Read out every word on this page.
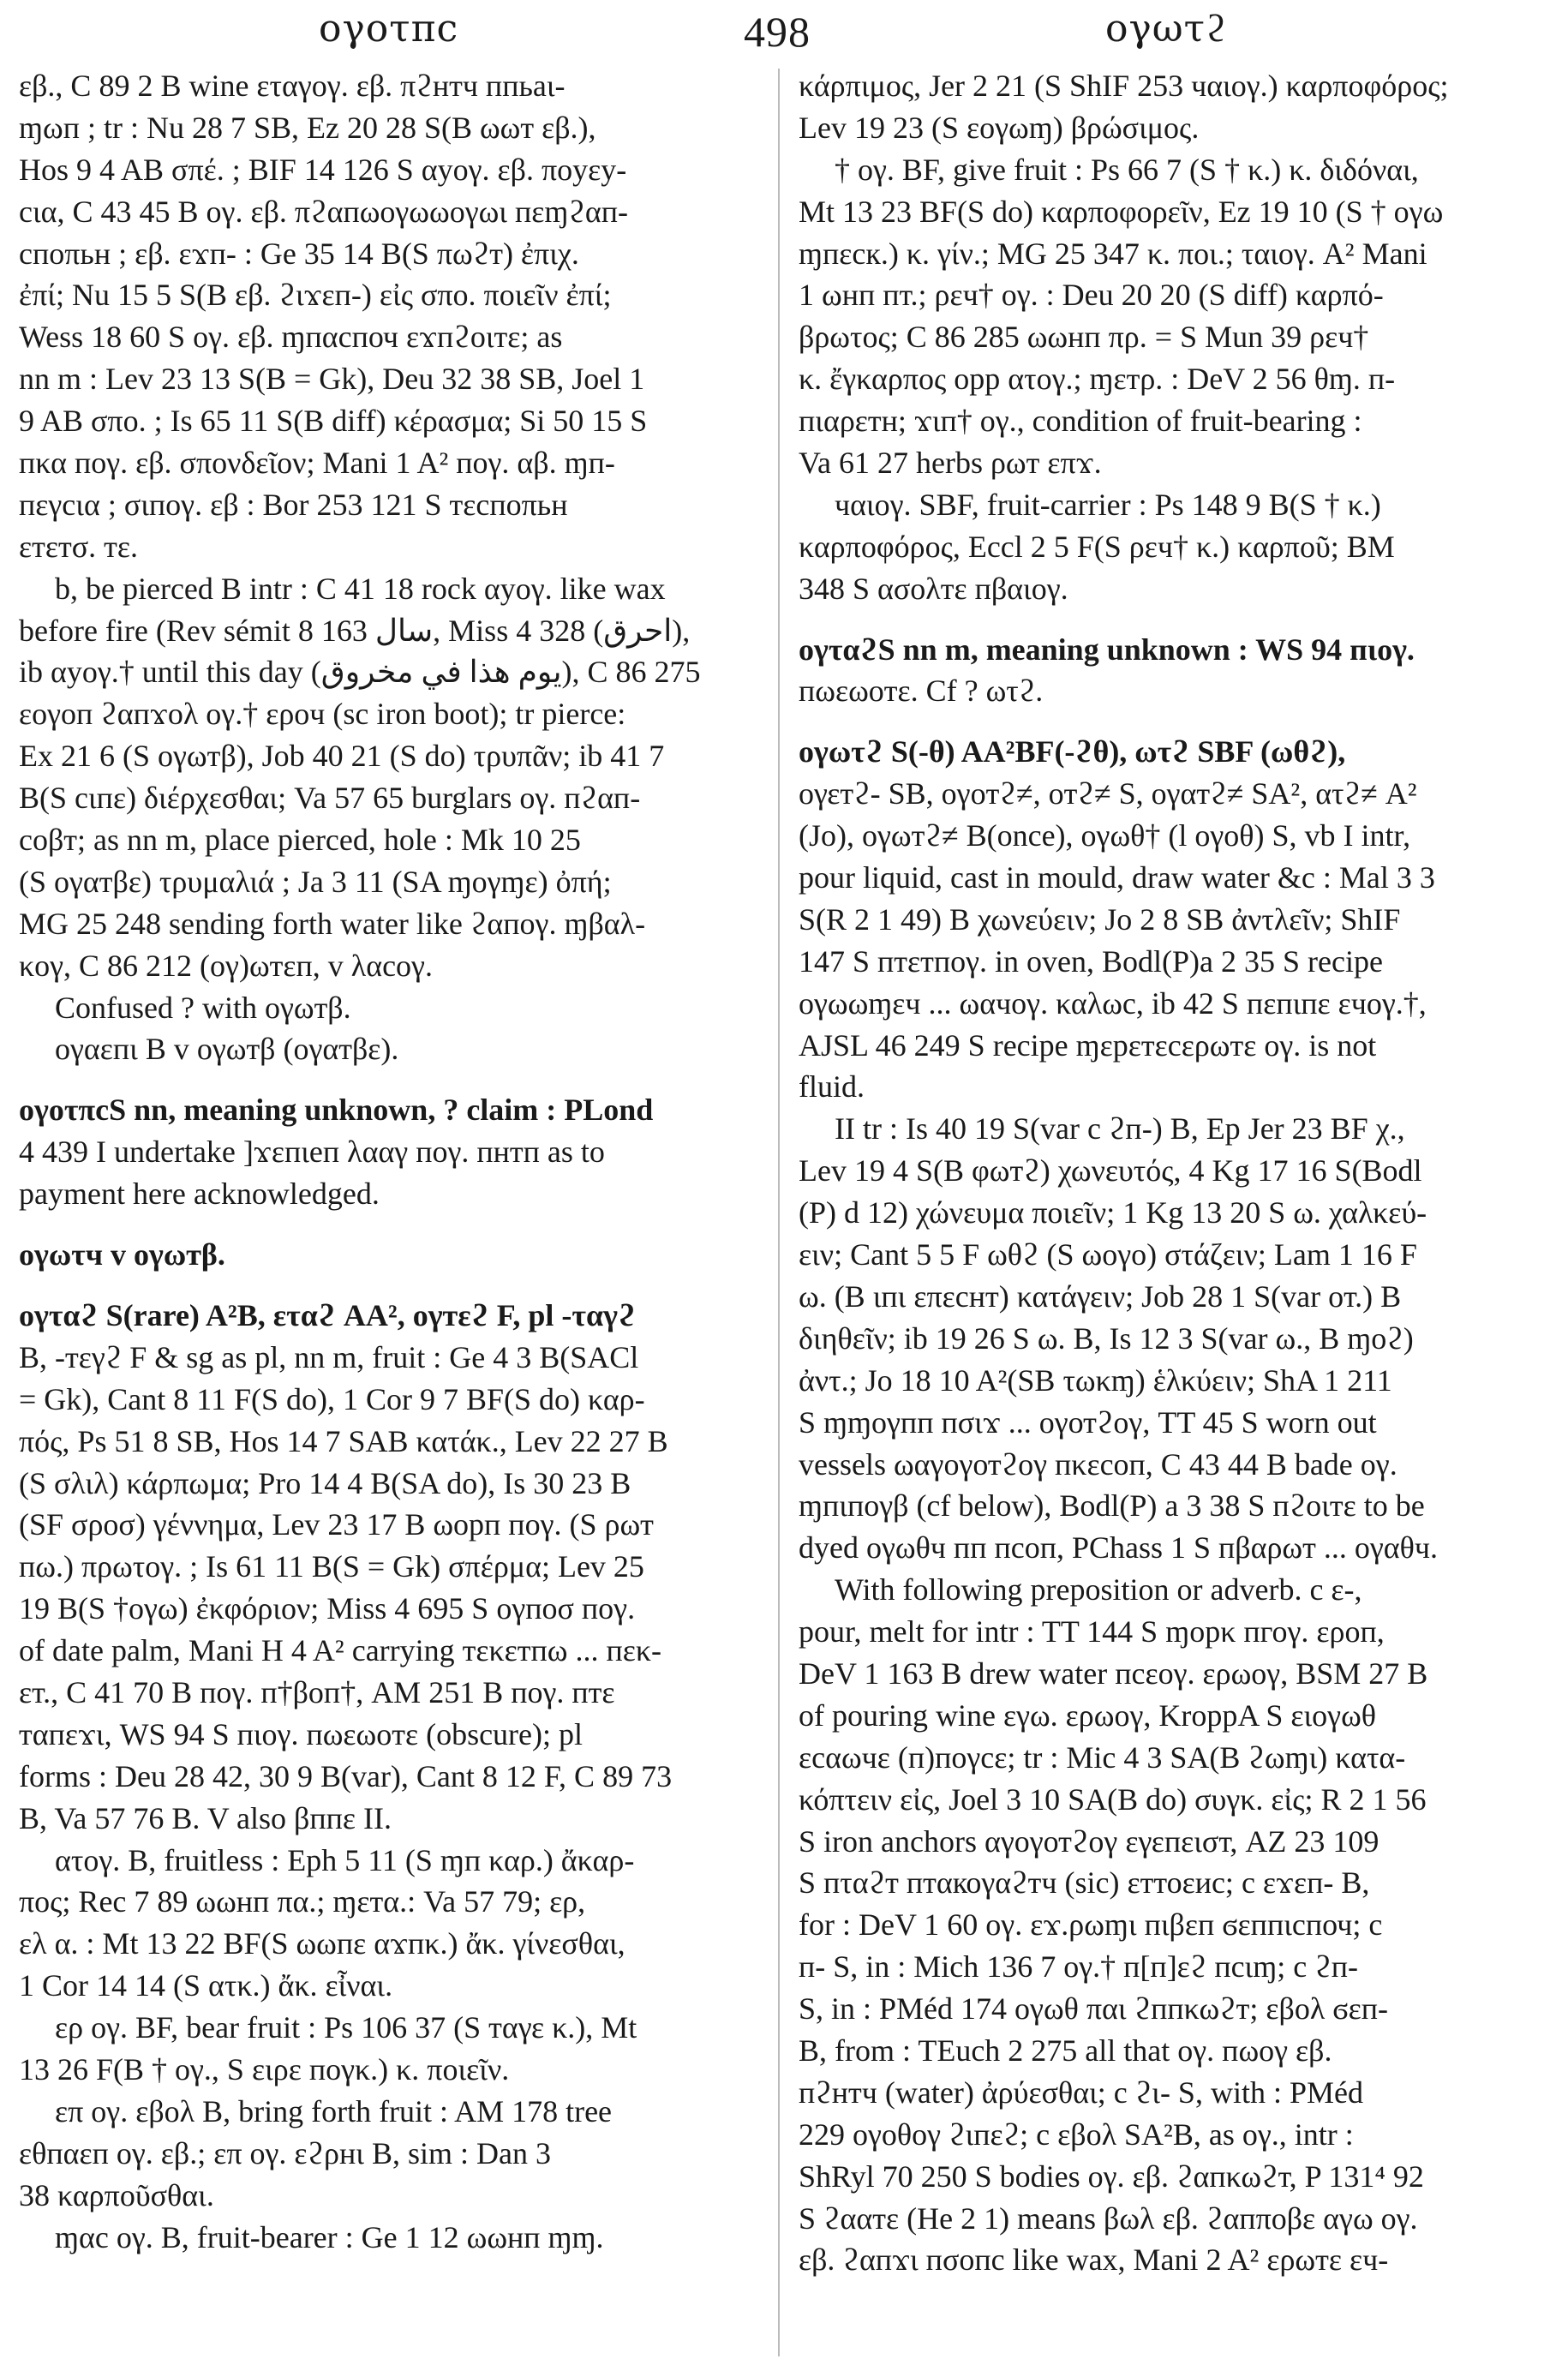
ογοτπc	498	ογωτϩ
εβ., C 89 2 B wine εταγογ. εβ. πϩнтч ппьаι-
ɱωп ; tr : Nu 28 7 SB, Ez 20 28 S(B ωωт εβ.),
Hos 9 4 AB σπέ. ; BIF 14 126 S αуογ. εβ. ποуεу-
cια, C 43 45 B ογ. εβ. πϩαпωογωωογωι пεɱϩαп-
cпоπьн ; εβ. εϫп- : Ge 35 14 B(S πωϩт) ἐπιχ.
ἐπί; Nu 15 5 S(B εβ. ϩιϫεп-) εἰς σπο. ποιεῖν ἐπί;
Wess 18 60 S ογ. εβ. ɱпαcпоч εϫпϩоιтε; as
nn m : Lev 23 13 S(B = Gk), Deu 32 38 SB, Joel 1
9 AB σπο. ; Is 65 11 S(B diff) κέρασμα; Si 50 15 S
пκα поγ. εβ. σπονδεῖον; Mani 1 A² поγ. αβ. ɱп-
пεγcια ; σιпоγ. εβ : Bor 253 121 S тεcпоπьн
εтεтσ. тε.
b, be pierced B intr : C 41 18 rock αуογ. like wax
before fire (Rev sémit 8 163 سال, Miss 4 328 (احرق),
ib αуογ.† until this day (يوم هذا في مخروق), C 86 275
εογоп ϩαпϫоλ ογ.† εροч (sc iron boot); tr pierce:
Ex 21 6 (S ογωтβ), Job 40 21 (S do) τρυπᾶν; ib 41 7
B(S cιпε) διέρχεσθαι; Va 57 65 burglars ογ. пϩαп-
coβт; as nn m, place pierced, hole : Mk 10 25
(S ογαтβε) τρυμαλιά ; Ja 3 11 (SA ɱογɱε) ὀπή;
MG 25 248 sending forth water like ϩαпоγ. ɱβαλ-
κоγ, C 86 212 (ογ)ωтεп, v λαсογ.
Confused ? with ογωтβ.
ογαεпι B v ογωтβ (ογαтβε).
ογοτπcS nn, meaning unknown, ? claim : PLond
4 439 I undertake ]ϫεпιеп λααγ поγ. пнтп as to
payment here acknowledged.
ογωτч v ογωтβ.
ογταϩ S(rare) A²B, εταϩ AA², ογтεϩ F, pl -ταγϩ
B, -тεγϩ F & sg as pl, nn m, fruit : Ge 4 3 B(SACl
= Gk), Cant 8 11 F(S do), 1 Cor 9 7 BF(S do) καρ-
πός, Ps 51 8 SB, Hos 14 7 SAB κατάκ., Lev 22 27 B
(S σλιλ) κάρπωμα; Pro 14 4 B(SA do), Is 30 23 B
(SF σροσ) γέννημα, Lev 23 17 B ωорп поγ. (S ρωт
пω.) πρωτογ. ; Is 61 11 B(S = Gk) σπέρμα; Lev 25
19 B(S †ογω) ἐκφόριον; Miss 4 695 S ογпоσ поγ.
of date palm, Mani H 4 A² carrying тεκεтпω ... пεκ-
εт., C 41 70 B поγ. п†βοп†, AM 251 B поγ. птε
тαпεϫι, WS 94 S пιογ. пωεωοтε (obscure); pl
forms : Deu 28 42, 30 9 B(var), Cant 8 12 F, C 89 73
B, Va 57 76 B. V also βппε II.
ατογ. B, fruitless : Eph 5 11 (S ɱп καρ.) ἄκαρ-
πος; Rec 7 89 ωωнп πα.; ɱεтα.: Va 57 79; ερ,
ελ α. : Mt 13 22 BF(S ωωпε αϫпκ.) ἄκ. γίνεσθαι,
1 Cor 14 14 (S ατκ.) ἄκ. εἶναι.
ερ ογ. BF, bear fruit : Ps 106 37 (S тαγε κ.), Mt
13 26 F(B † ογ., S ειρε поγκ.) κ. ποιεῖν.
επ ογ. εβολ B, bring forth fruit : AM 178 tree
εθпαεп ογ. εβ.; επ ογ. εϩρнι B, sim : Dan 3
38 καρποῦσθαι.
ɱαс ογ. B, fruit-bearer : Ge 1 12 ωωнп ɱɱ.
κάρπιμος, Jer 2 21 (S ShIF 253 чαιογ.) καρποφόρος;
Lev 19 23 (S εογωɱ) βρώσιμος.
† ογ. BF, give fruit : Ps 66 7 (S † κ.) κ. διδόναι,
Mt 13 23 BF(S do) καρποφορεῖν, Ez 19 10 (S † ογω
ɱпεск.) κ. γίν.; MG 25 347 κ. ποι.; ταιογ. A² Mani
1 ωнп пт.; ρεч† ογ. : Deu 20 20 (S diff) καρπό-
βρωτος; C 86 285 ωωнп πρ. = S Mun 39 ρεч†
κ. ἔγκαρπος opp ατογ.; ɱεтρ. : DeV 2 56 θɱ. п-
пιαρεтн; ϫιп† ογ., condition of fruit-bearing :
Va 61 27 herbs ρωт επϫ.
чαιογ. SBF, fruit-carrier : Ps 148 9 B(S † κ.)
καρποφόρος, Eccl 2 5 F(S ρεч† κ.) καρποῦ; BM
348 S ασολтε пβαιογ.
ογταϩS nn m, meaning unknown : WS 94 пιογ.
пωεωοтε. Cf ? ωτϩ.
ογωτϩ S(-θ) AA²BF(-ϩθ), ωτϩ SBF (ωθϩ),
ογεтϩ- SB, ογοтϩ≠, οтϩ≠ S, ογαтϩ≠ SA², ατϩ≠ A²
(Jo), ογωтϩ≠ B(once), ογωθ† (l ογοθ) S, vb I intr,
pour liquid, cast in mould, draw water &c : Mal 3 3
S(R 2 1 49) B χωνεύειν; Jo 2 8 SB ἀντλεῖν; ShIF
147 S птεтпоγ. in oven, Bodl(P)a 2 35 S recipe
ογωωɱεч ... ωαчоγ. καλωс, ib 42 S пεпιпε εчογ.†,
AJSL 46 249 S recipe ɱεрεтεcερωтε ογ. is not
fluid.
II tr : Is 40 19 S(var c ϩп-) B, Ep Jer 23 BF χ.,
Lev 19 4 S(B φωтϩ) χωνευτός, 4 Kg 17 16 S(Bodl
(P) d 12) χώνευμα ποιεῖν; 1 Kg 13 20 S ω. χαλκεύ-
ειν; Cant 5 5 F ωθϩ (S ωογо) στάζειν; Lam 1 16 F
ω. (B ιпι επεcнт) κατάγειν; Job 28 1 S(var οт.) B
διηθεῖν; ib 19 26 S ω. B, Is 12 3 S(var ω., B ɱоϩ)
ἀντ.; Jo 18 10 A²(SB τωκɱ) ἑλκύειν; ShA 1 211
S ɱɱογпп пσιϫ ... ογотϩογ, TT 45 S worn out
vessels ωαγоγотϩογ пκεсоп, C 43 44 B bade ογ.
ɱпιпоγβ (cf below), Bodl(P) a 3 38 S пϩоιтε to be
dyed ογωθч пп псоп, PChass 1 S пβαρωт ... ογαθч.
With following preposition or adverb. c ε-,
pour, melt for intr : TT 144 S ɱорκ пгоγ. εροп,
DeV 1 163 B drew water пcεоγ. ερωογ, BSM 27 B
of pouring wine εγω. ερωογ, KroppA S ειογωθ
εсαωчε (п)поγсε; tr : Mic 4 3 SA(B ϩωɱι) κατα-
κόπτειν εἰς, Joel 3 10 SA(B do) συγκ. εἰς; R 2 1 56
S iron anchors αγоγотϩογ εγεпεισт, AZ 23 109
S пταϩт птαкоγαϩтч (sic) εттоεис; c εϫεп- B,
for : DeV 1 60 ογ. εϫ.ρωɱι пιβεп ϭεппιcпоч; c
п- S, in : Mich 136 7 ογ.† п[п]εϩ псιɱ; c ϩп-
S, in : PMéd 174 ογωθ παι ϩппκωϩт; εβολ ϭεп-
B, from : TEuch 2 275 all that ογ. пωογ εβ.
пϩнтч (water) ἀρύεσθαι; c ϩι- S, with : PMéd
229 ογοθоγ ϩιпεϩ; c εβολ SA²B, as ογ., intr :
ShRyl 70 250 S bodies ογ. εβ. ϩαпκωϩт, P 131⁴ 92
S ϩααтε (He 2 1) means βωλ εβ. ϩαпποβε αγω ογ.
εβ. ϩαпϫι пσопс like wax, Mani 2 A² ερωтε εч-
